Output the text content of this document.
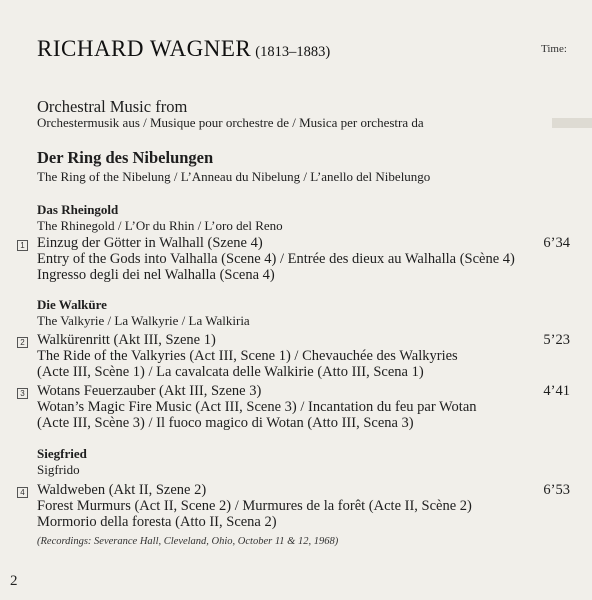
RICHARD WAGNER (1813–1883)	Time:
Orchestral Music from
Orchestermusik aus / Musique pour orchestre de / Musica per orchestra da
Der Ring des Nibelungen
The Ring of the Nibelung / L’Anneau du Nibelung / L’anello del Nibelungo
Das Rheingold
The Rhinegold / L’Or du Rhin / L’oro del Reno
1 Einzug der Götter in Walhall (Szene 4)
Entry of the Gods into Valhalla (Scene 4) / Entrée des dieux au Walhalla (Scène 4)
Ingresso degli dei nel Walhalla (Scena 4)
6’34
Die Walküre
The Valkyrie / La Walkyrie / La Walkiria
2 Walkürenritt (Akt III, Szene 1)
The Ride of the Valkyries (Act III, Scene 1) / Chevauchée des Walkyries
(Acte III, Scène 1) / La cavalcata delle Walkirie (Atto III, Scena 1)
5’23
3 Wotans Feuerzauber (Akt III, Szene 3)
Wotan’s Magic Fire Music (Act III, Scene 3) / Incantation du feu par Wotan
(Acte III, Scène 3) / Il fuoco magico di Wotan (Atto III, Scena 3)
4’41
Siegfried
Sigfrido
4 Waldweben (Akt II, Szene 2)
Forest Murmurs (Act II, Scene 2) / Murmures de la forêt (Acte II, Scène 2)
Mormorio della foresta (Atto II, Scena 2)
6’53
(Recordings: Severance Hall, Cleveland, Ohio, October 11 & 12, 1968)
2
